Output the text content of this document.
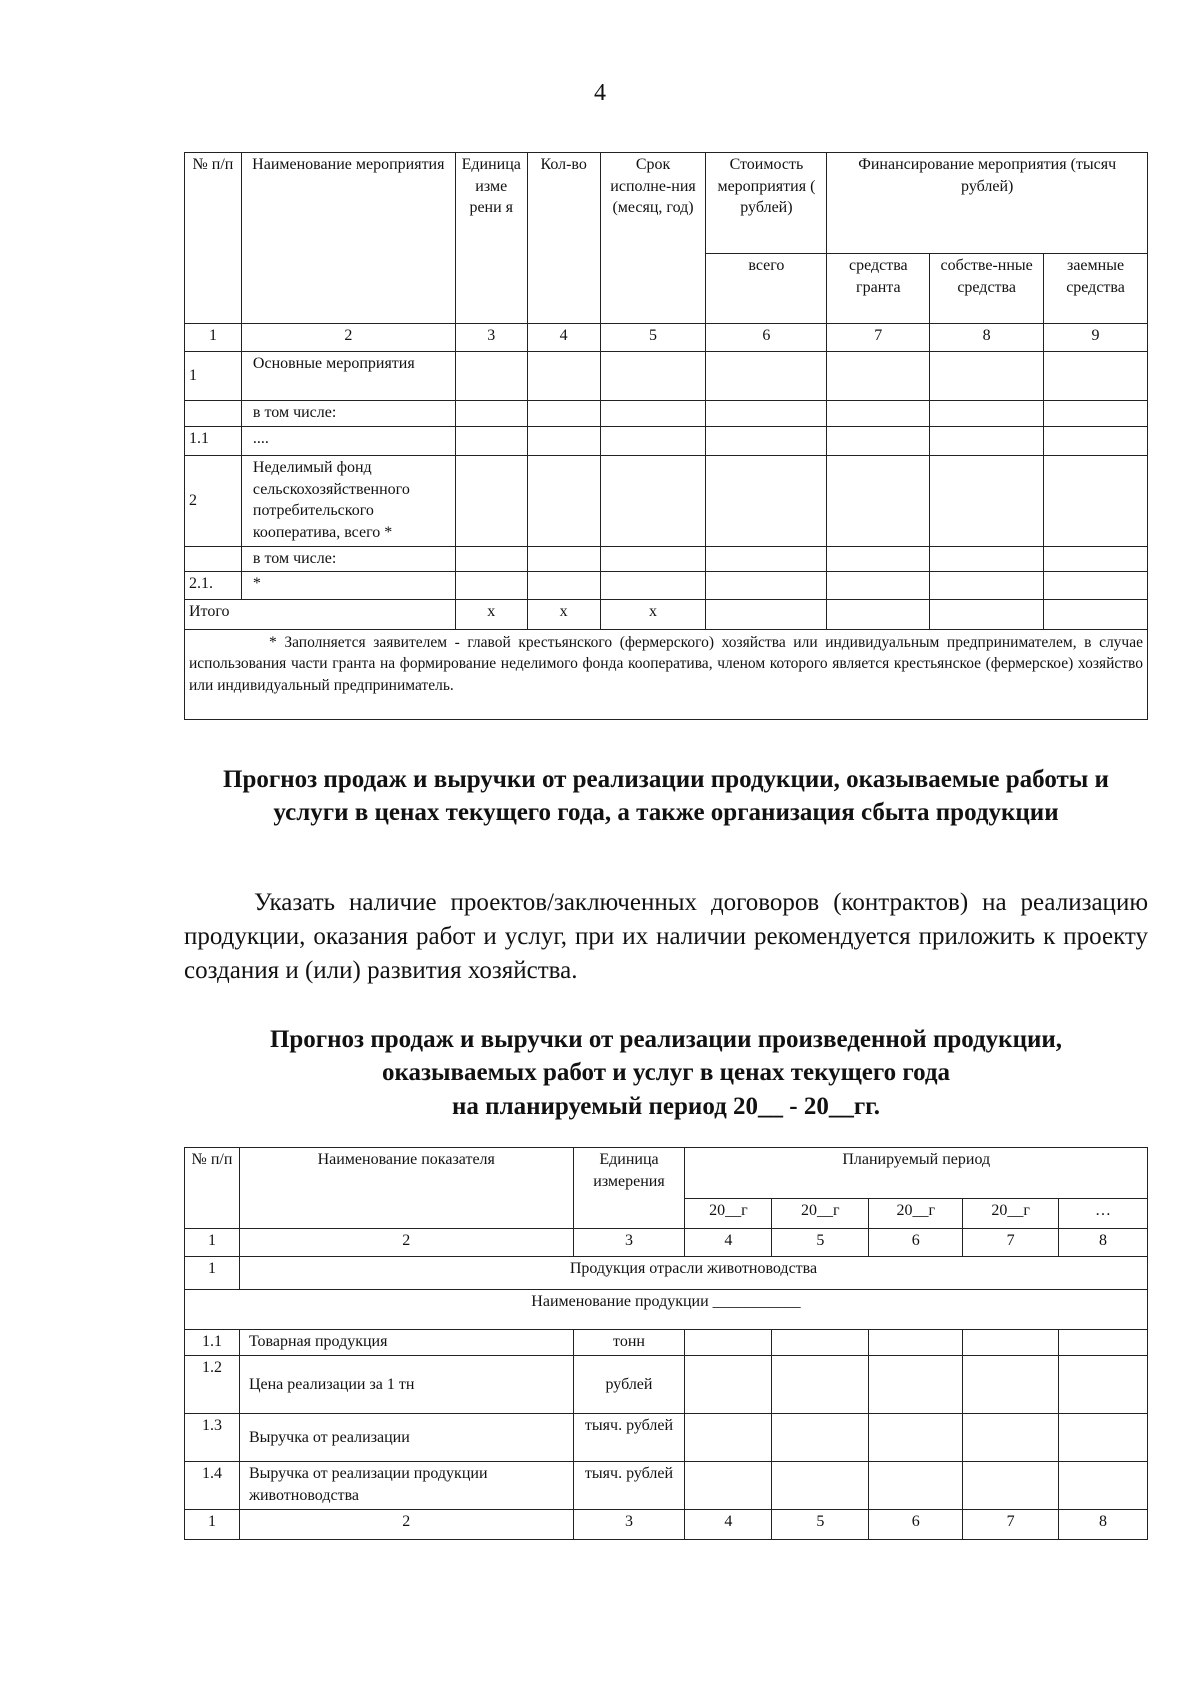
4
№ п/п	Наименование мероприятия	Единица изме рени я	Кол-во	Срок исполне-ния (месяц, год)	Стоимость мероприятия ( рублей)	Финансирование мероприятия (тысяч рублей)		
					всего	средства гранта	собстве-нные средства	заемные средства
1	2	3	4	5	6	7	8	9
1	Основные мероприятия							
	в том числе:							
1.1	....							
2	Неделимый фонд сельскохозяйственного потребительского кооператива, всего *							
	в том числе:							
2.1.	*							
Итого		х	х	х				
* Заполняется заявителем - главой крестьянского (фермерского) хозяйства или индивидуальным предпринимателем, в случае использования части гранта на формирование неделимого фонда кооператива, членом которого является крестьянское (фермерское) хозяйство или индивидуальный предприниматель.								
Прогноз продаж и выручки от реализации продукции, оказываемые работы и услуги в ценах текущего года, а также организация сбыта продукции

Указать наличие проектов/заключенных договоров (контрактов) на реализацию продукции, оказания работ и услуг, при их наличии рекомендуется приложить к проекту создания и (или) развития хозяйства.

Прогноз продаж и выручки от реализации произведенной продукции,
оказываемых работ и услуг в ценах текущего года
на планируемый период 20__ - 20__гг.
№ п/п	Наименование показателя	Единица измерения	Планируемый период				
			20__г	20__г	20__г	20__г	…
1	2	3	4	5	6	7	8
1	Продукция отрасли животноводства						
Наименование продукции ___________							
1.1	Товарная продукция	тонн					
1.2	Цена реализации за 1 тн	рублей					
1.3	Выручка от реализации	тыяч. рублей					
1.4	Выручка от реализации продукции животноводства	тыяч. рублей					
1	2	3	4	5	6	7	8
